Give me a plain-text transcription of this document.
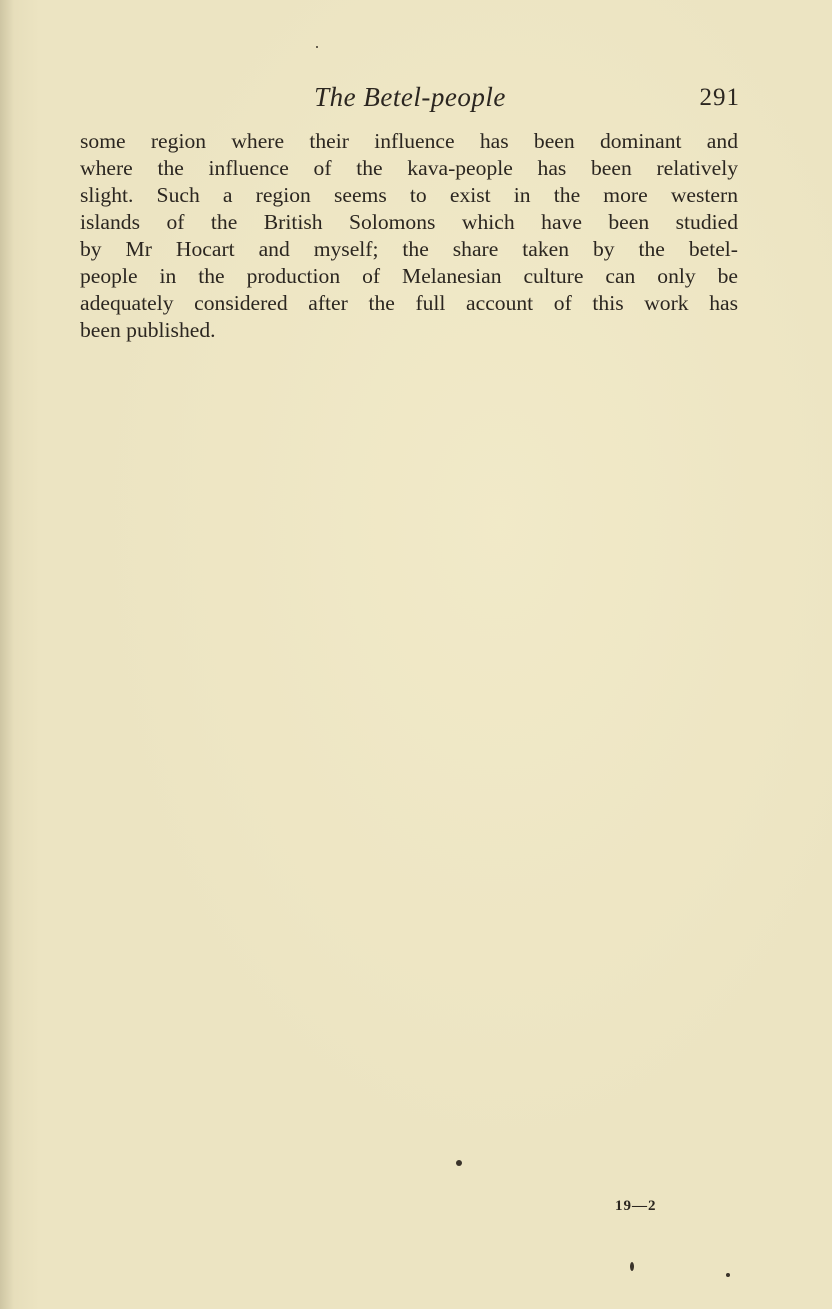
The Betel-people	291
some region where their influence has been dominant and
where the influence of the kava-people has been relatively
slight. Such a region seems to exist in the more western
islands of the British Solomons which have been studied
by Mr Hocart and myself; the share taken by the betel-
people in the production of Melanesian culture can only be
adequately considered after the full account of this work has
been published.
19—2
